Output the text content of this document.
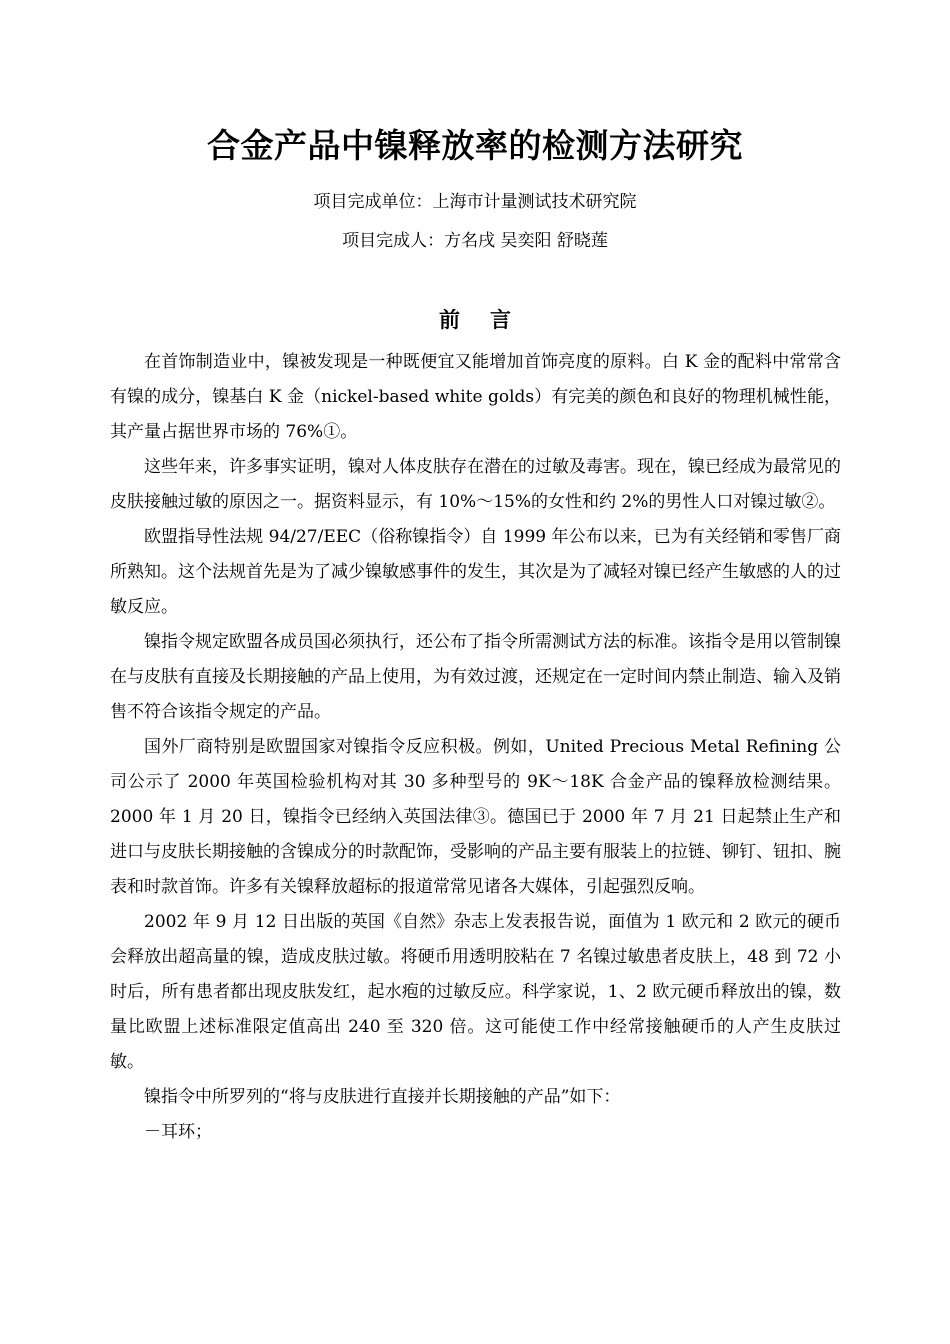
合金产品中镍释放率的检测方法研究
项目完成单位：上海市计量测试技术研究院
项目完成人：方名戌 吴奕阳 舒晓莲
前言

在首饰制造业中，镍被发现是一种既便宜又能增加首饰亮度的原料。白 K 金的配料中常常含有镍的成分，镍基白 K 金（nickel-based white golds）有完美的颜色和良好的物理机械性能，其产量占据世界市场的 76%①。

这些年来，许多事实证明，镍对人体皮肤存在潜在的过敏及毒害。现在，镍已经成为最常见的皮肤接触过敏的原因之一。据资料显示，有 10%～15%的女性和约 2%的男性人口对镍过敏②。

欧盟指导性法规 94/27/EEC（俗称镍指令）自 1999 年公布以来，已为有关经销和零售厂商所熟知。这个法规首先是为了减少镍敏感事件的发生，其次是为了减轻对镍已经产生敏感的人的过敏反应。

镍指令规定欧盟各成员国必须执行，还公布了指令所需测试方法的标准。该指令是用以管制镍在与皮肤有直接及长期接触的产品上使用，为有效过渡，还规定在一定时间内禁止制造、输入及销售不符合该指令规定的产品。

国外厂商特别是欧盟国家对镍指令反应积极。例如，United Precious Metal Refining 公司公示了 2000 年英国检验机构对其 30 多种型号的 9K～18K 合金产品的镍释放检测结果。2000 年 1 月 20 日，镍指令已经纳入英国法律③。德国已于 2000 年 7 月 21 日起禁止生产和进口与皮肤长期接触的含镍成分的时款配饰，受影响的产品主要有服装上的拉链、铆钉、钮扣、腕表和时款首饰。许多有关镍释放超标的报道常常见诸各大媒体，引起强烈反响。

2002 年 9 月 12 日出版的英国《自然》杂志上发表报告说，面值为 1 欧元和 2 欧元的硬币会释放出超高量的镍，造成皮肤过敏。将硬币用透明胶粘在 7 名镍过敏患者皮肤上，48 到 72 小时后，所有患者都出现皮肤发红，起水疱的过敏反应。科学家说，1、2 欧元硬币释放出的镍，数量比欧盟上述标准限定值高出 240 至 320 倍。这可能使工作中经常接触硬币的人产生皮肤过敏。

镍指令中所罗列的“将与皮肤进行直接并长期接触的产品”如下：

－耳环；
